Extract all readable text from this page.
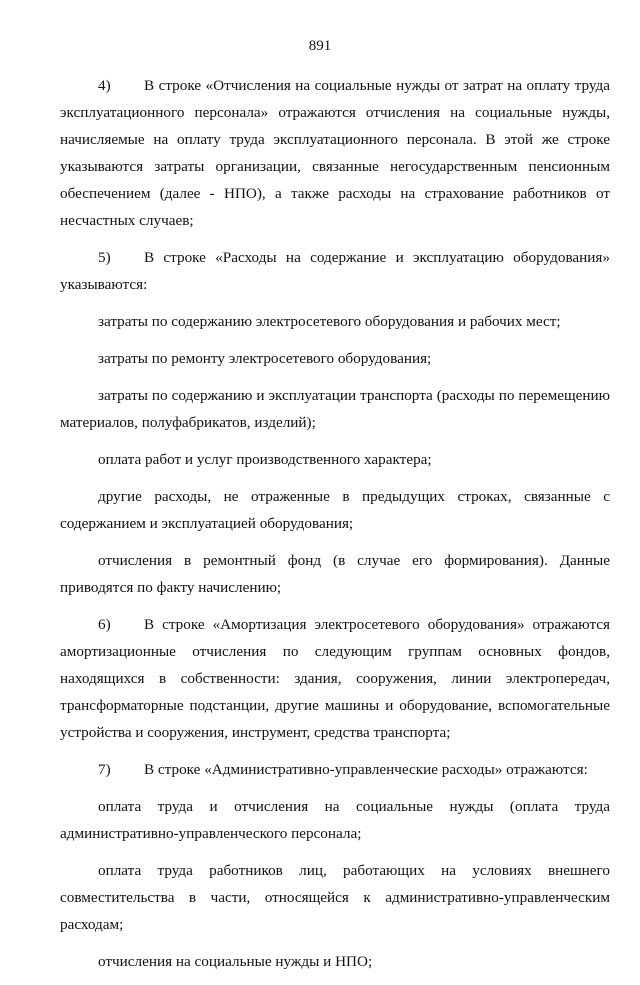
891

4) В строке «Отчисления на социальные нужды от затрат на оплату труда эксплуатационного персонала» отражаются отчисления на социальные нужды, начисляемые на оплату труда эксплуатационного персонала. В этой же строке указываются затраты организации, связанные негосударственным пенсионным обеспечением (далее - НПО), а также расходы на страхование работников от несчастных случаев;

5) В строке «Расходы на содержание и эксплуатацию оборудования» указываются:

затраты по содержанию электросетевого оборудования и рабочих мест;

затраты по ремонту электросетевого оборудования;

затраты по содержанию и эксплуатации транспорта (расходы по перемещению материалов, полуфабрикатов, изделий);

оплата работ и услуг производственного характера;

другие расходы, не отраженные в предыдущих строках, связанные с содержанием и эксплуатацией оборудования;

отчисления в ремонтный фонд (в случае его формирования). Данные приводятся по факту начислению;

6) В строке «Амортизация электросетевого оборудования» отражаются амортизационные отчисления по следующим группам основных фондов, находящихся в собственности: здания, сооружения, линии электропередач, трансформаторные подстанции, другие машины и оборудование, вспомогательные устройства и сооружения, инструмент, средства транспорта;

7) В строке «Административно-управленческие расходы» отражаются:

оплата труда и отчисления на социальные нужды (оплата труда административно-управленческого персонала;

оплата труда работников лиц, работающих на условиях внешнего совместительства в части, относящейся к административно-управленческим расходам;

отчисления на социальные нужды и НПО;
